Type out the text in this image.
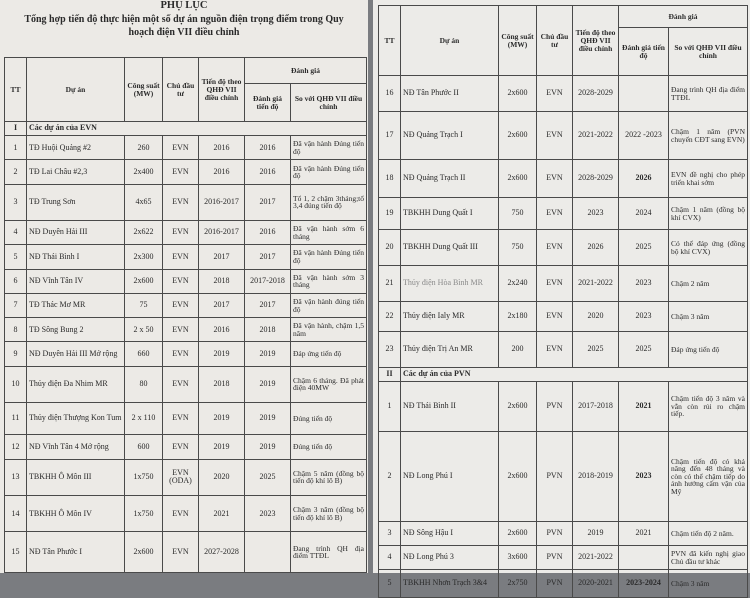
PHỤ LỤC
Tổng hợp tiến độ thực hiện một số dự án nguồn điện trọng điểm trong Quy hoạch điện VII điều chỉnh
TT	Dự án	Công suất (MW)	Chủ đầu tư	Tiến độ theo QHĐ VII điều chỉnh	Đánh giá	
					Đánh giá tiến độ	So với QHĐ VII điều chỉnh
I	Các dự án của EVN					
1	TĐ Huội Quảng #2	260	EVN	2016	2016	Đã vận hành Đúng tiến độ
2	TĐ Lai Châu #2,3	2x400	EVN	2016	2016	Đã vận hành Đúng tiến độ
3	TĐ Trung Sơn	4x65	EVN	2016-2017	2017	Tổ 1, 2 chậm 3tháng;tổ 3,4 đúng tiến độ
4	NĐ Duyên Hải III	2x622	EVN	2016-2017	2016	Đã vận hành sớm 6 tháng
5	NĐ Thái Bình I	2x300	EVN	2017	2017	Đã vận hành Đúng tiến độ
6	NĐ Vĩnh Tân IV	2x600	EVN	2018	2017-2018	Đã vận hành sớm 3 tháng
7	TĐ Thác Mơ MR	75	EVN	2017	2017	Đã vận hành đúng tiến độ
8	TĐ Sông Bung 2	2 x 50	EVN	2016	2018	Đã vận hành, chậm 1,5 năm
9	NĐ Duyên Hải III Mở rộng	660	EVN	2019	2019	Đáp ứng tiến độ
10	Thủy điện Đa Nhim MR	80	EVN	2018	2019	Chậm 6 tháng. Đã phát điện 40MW
11	Thủy điện Thượng Kon Tum	2 x 110	EVN	2019	2019	Đúng tiến độ
12	NĐ Vĩnh Tân 4 Mở rộng	600	EVN	2019	2019	Đúng tiến độ
13	TBKHH Ô Môn III	1x750	EVN (ODA)	2020	2025	Chậm 5 năm (đồng bộ tiến độ khí lô B)
14	TBKHH Ô Môn IV	1x750	EVN	2021	2023	Chậm 3 năm (đồng bộ tiến độ khí lô B)
15	NĐ Tân Phước I	2x600	EVN	2027-2028		Đang trình QH địa điểm TTĐL
TT	Dự án	Công suất (MW)	Chủ đầu tư	Tiến độ theo QHĐ VII điều chỉnh	Đánh giá	
					Đánh giá tiến độ	So với QHĐ VII điều chỉnh
16	NĐ Tân Phước II	2x600	EVN	2028-2029		Đang trình QH địa điểm TTĐL
17	NĐ Quảng Trạch I	2x600	EVN	2021-2022	2022 -2023	Chậm 1 năm (PVN chuyển CĐT sang EVN)
18	NĐ Quảng Trạch II	2x600	EVN	2028-2029	2026	EVN đề nghị cho phép triển khai sớm
19	TBKHH Dung Quất I	750	EVN	2023	2024	Chậm 1 năm (đồng bộ khí CVX)
20	TBKHH Dung Quất III	750	EVN	2026	2025	Có thể đáp ứng (đồng bộ khí CVX)
21	Thủy điện Hòa Bình MR	2x240	EVN	2021-2022	2023	Chậm 2 năm
22	Thủy điện Ialy MR	2x180	EVN	2020	2023	Chậm 3 năm
23	Thủy điện Trị An MR	200	EVN	2025	2025	Đáp ứng tiến độ
II	Các dự án của PVN					
1	NĐ Thái Bình II	2x600	PVN	2017-2018	2021	Chậm tiến độ 3 năm và vẫn còn rủi ro chậm tiếp.
2	NĐ Long Phú I	2x600	PVN	2018-2019	2023	Chậm tiến độ có khả năng đến 48 tháng và còn có thể chậm tiếp do ảnh hưởng cấm vận của Mỹ
3	NĐ Sông Hậu I	2x600	PVN	2019	2021	Chậm tiến độ 2 năm.
4	NĐ Long Phú 3	3x600	PVN	2021-2022		PVN đã kiến nghị giao Chủ đầu tư khác
5	TBKHH Nhơn Trạch 3&4	2x750	PVN	2020-2021	2023-2024	Chậm 3 năm
